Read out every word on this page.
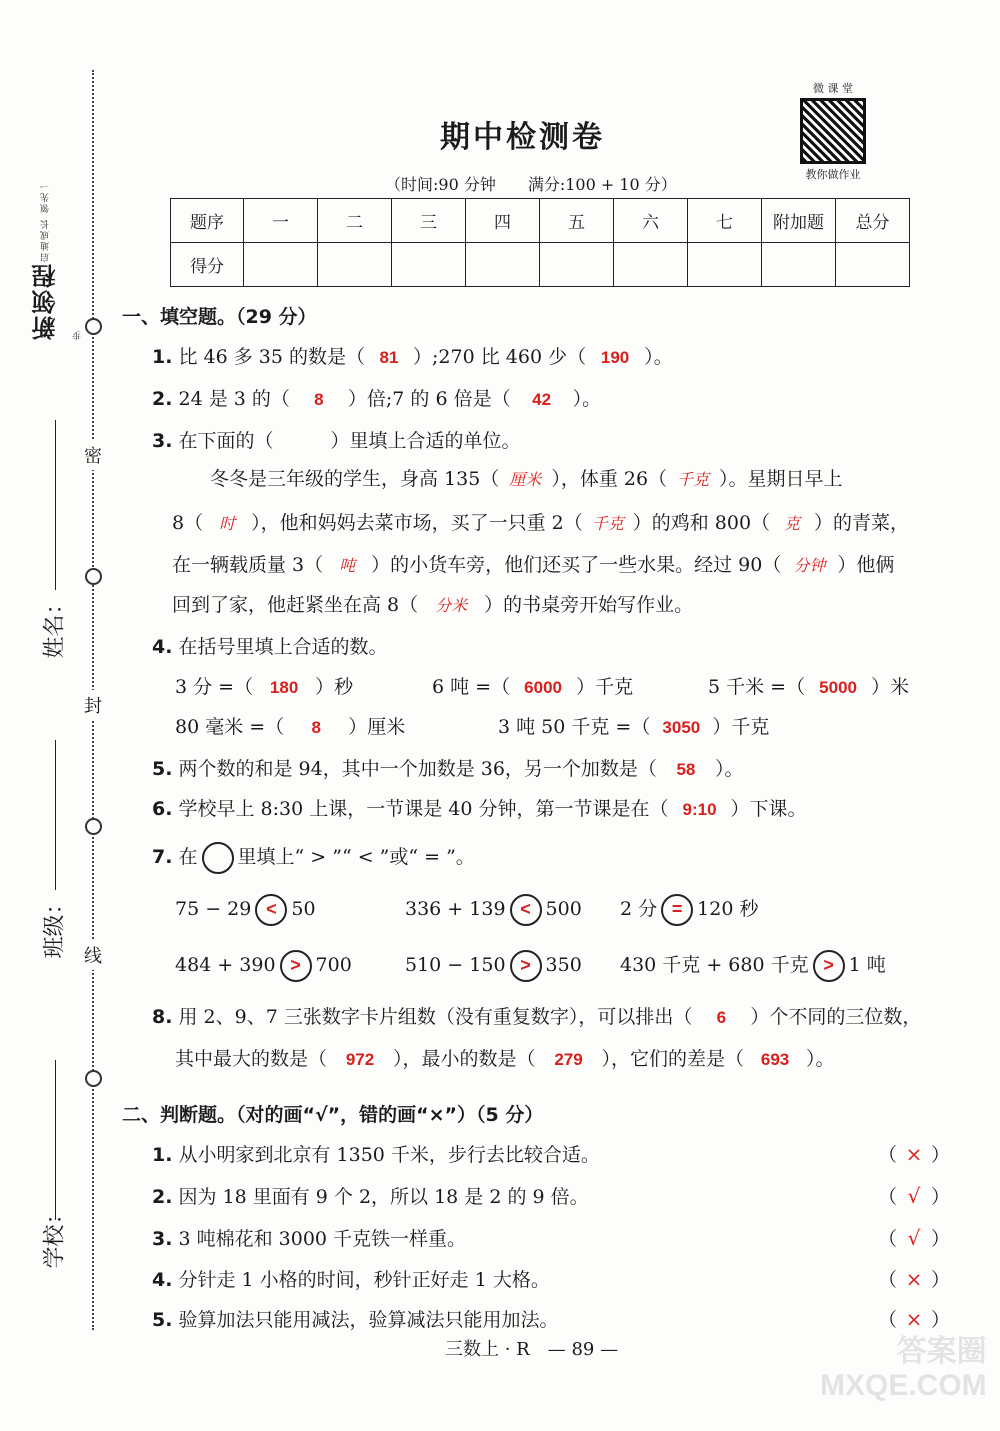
密
封
线
新领程启迪成长 领先一步
学校：
班级：
姓名：
期中检测卷
（时间:90 分钟　　满分:100 + 10 分）
微 课 堂
教你做作业
题序	一	二	三	四	五	六	七	附加题	总分
得分									
一、填空题。（29 分）
1. 比 46 多 35 的数是（ 81 ）;270 比 460 少（ 190 ）。
2. 24 是 3 的（ 8 ）倍;7 的 6 倍是（ 42 ）。
3. 在下面的（　　　）里填上合适的单位。
冬冬是三年级的学生，身高 135（ 厘米 ），体重 26（ 千克 ）。星期日早上
8（ 时 ），他和妈妈去菜市场，买了一只重 2（ 千克 ）的鸡和 800（ 克 ）的青菜，
在一辆载质量 3（ 吨 ）的小货车旁，他们还买了一些水果。经过 90（ 分钟 ）他俩
回到了家，他赶紧坐在高 8（ 分米 ）的书桌旁开始写作业。
4. 在括号里填上合适的数。
3 分 =（ 180 ）秒	6 吨 =（ 6000 ）千克	5 千米 =（ 5000 ）米
80 毫米 =（ 8 ）厘米	3 吨 50 千克 =（ 3050 ）千克
5. 两个数的和是 94，其中一个加数是 36，另一个加数是（ 58 ）。
6. 学校早上 8:30 上课，一节课是 40 分钟，第一节课是在（ 9:10 ）下课。
7. 在 里填上“ > ”“ < ”或“ = ”。
75 − 29 < 50	336 + 139 < 500 2 分 = 120 秒
484 + 390 > 700	510 − 150 > 350 430 千克 + 680 千克 > 1 吨
8. 用 2、9、7 三张数字卡片组数（没有重复数字），可以排出（ 6 ）个不同的三位数，
其中最大的数是（ 972 ），最小的数是（ 279 ），它们的差是（ 693 ）。
二、判断题。（对的画“√”，错的画“×”）（5 分）
1. 从小明家到北京有 1350 千米，步行去比较合适。	（ × ）
2. 因为 18 里面有 9 个 2，所以 18 是 2 的 9 倍。	（ √ ）
3. 3 吨棉花和 3000 千克铁一样重。	（ √ ）
4. 分针走 1 小格的时间，秒针正好走 1 大格。	（ × ）
5. 验算加法只能用减法，验算减法只能用加法。	（ × ）
三数上 · R　 — 89 —	答案圈
MXQE.COM
